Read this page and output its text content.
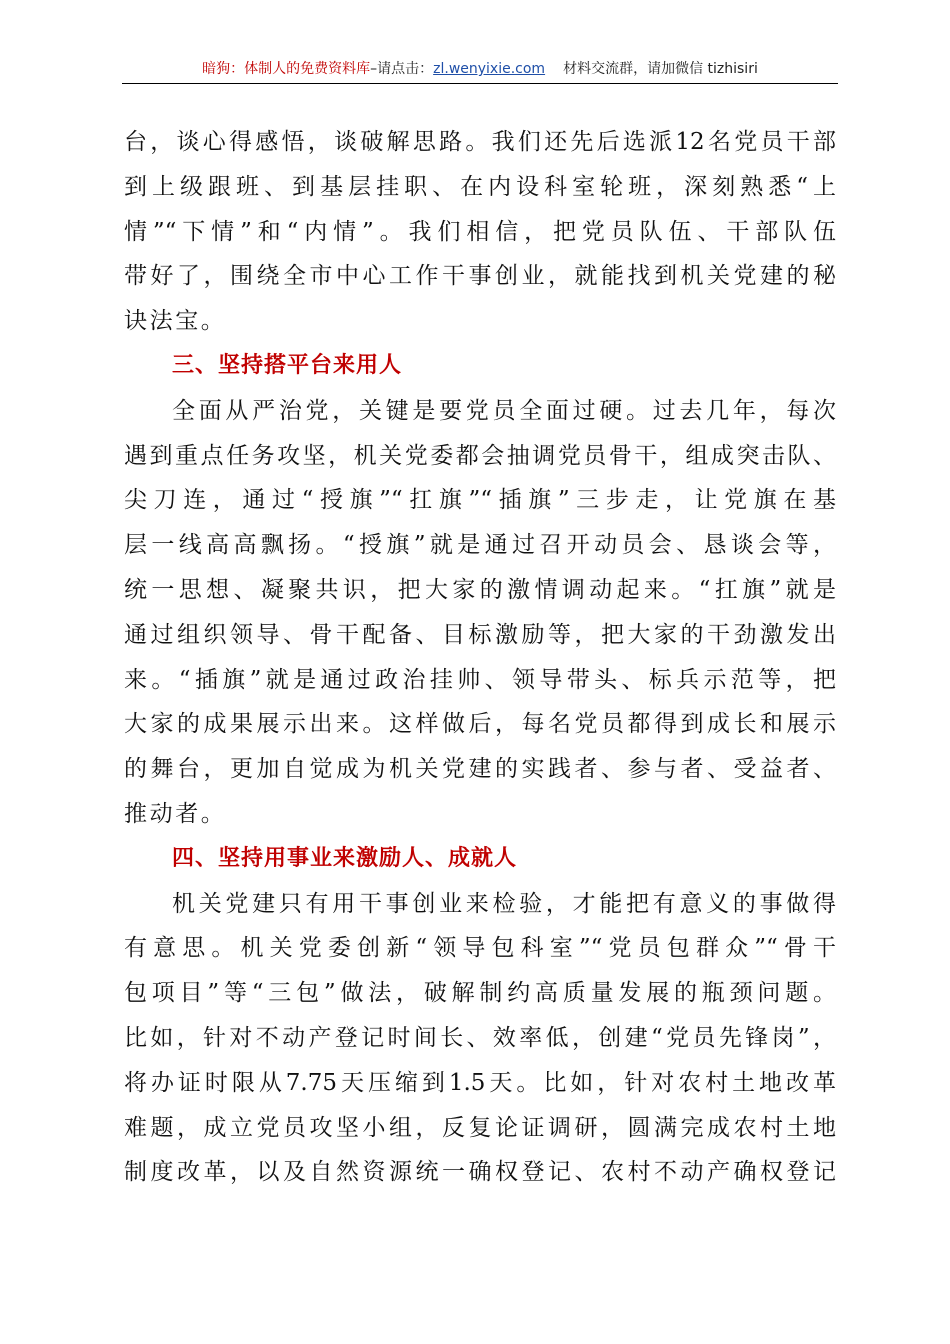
暗狗：体制人的免费资料库–请点击：zl.wenyixie.com 材料交流群，请加微信 tizhisiri
台，谈心得感悟，谈破解思路。我们还先后选派12名党员干部
到上级跟班、到基层挂职、在内设科室轮班，深刻熟悉“上
情”“下情”和“内情”。我们相信，把党员队伍、干部队伍
带好了，围绕全市中心工作干事创业，就能找到机关党建的秘
诀法宝。
三、坚持搭平台来用人
全面从严治党，关键是要党员全面过硬。过去几年，每次
遇到重点任务攻坚，机关党委都会抽调党员骨干，组成突击队、
尖刀连，通过“授旗”“扛旗”“插旗”三步走，让党旗在基
层一线高高飘扬。“授旗”就是通过召开动员会、恳谈会等，
统一思想、凝聚共识，把大家的激情调动起来。“扛旗”就是
通过组织领导、骨干配备、目标激励等，把大家的干劲激发出
来。“插旗”就是通过政治挂帅、领导带头、标兵示范等，把
大家的成果展示出来。这样做后，每名党员都得到成长和展示
的舞台，更加自觉成为机关党建的实践者、参与者、受益者、
推动者。
四、坚持用事业来激励人、成就人
机关党建只有用干事创业来检验，才能把有意义的事做得
有意思。机关党委创新“领导包科室”“党员包群众”“骨干
包项目”等“三包”做法，破解制约高质量发展的瓶颈问题。
比如，针对不动产登记时间长、效率低，创建“党员先锋岗”，
将办证时限从7.75天压缩到1.5天。比如，针对农村土地改革
难题，成立党员攻坚小组，反复论证调研，圆满完成农村土地
制度改革，以及自然资源统一确权登记、农村不动产确权登记
